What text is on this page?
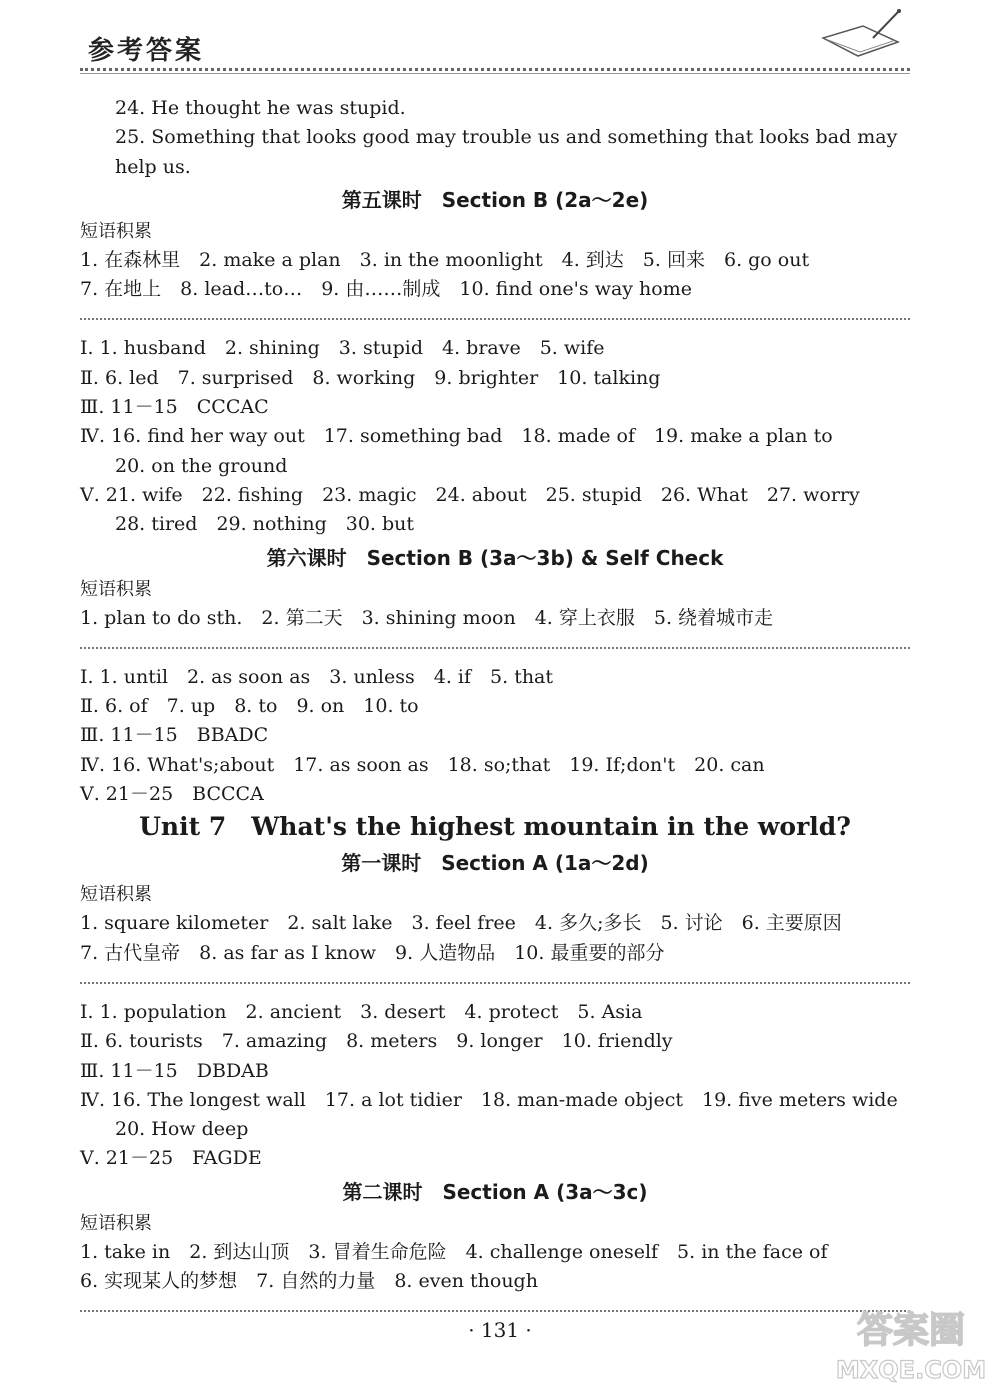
参考答案
24. He thought he was stupid.
25. Something that looks good may trouble us and something that looks bad may
help us.
第五课时　Section B (2a～2e)
短语积累
1. 在森林里　2. make a plan　3. in the moonlight　4. 到达　5. 回来　6. go out
7. 在地上　8. lead…to…　9. 由……制成　10. find one's way home
Ⅰ. 1. husband　2. shining　3. stupid　4. brave　5. wife
Ⅱ. 6. led　7. surprised　8. working　9. brighter　10. talking
Ⅲ. 11－15　CCCAC
Ⅳ. 16. find her way out　17. something bad　18. made of　19. make a plan to
20. on the ground
Ⅴ. 21. wife　22. fishing　23. magic　24. about　25. stupid　26. What　27. worry
28. tired　29. nothing　30. but
第六课时　Section B (3a～3b) & Self Check
短语积累
1. plan to do sth.　2. 第二天　3. shining moon　4. 穿上衣服　5. 绕着城市走
Ⅰ. 1. until　2. as soon as　3. unless　4. if　5. that
Ⅱ. 6. of　7. up　8. to　9. on　10. to
Ⅲ. 11－15　BBADC
Ⅳ. 16. What's;about　17. as soon as　18. so;that　19. If;don't　20. can
Ⅴ. 21－25　BCCCA
Unit 7　What's the highest mountain in the world?
第一课时　Section A (1a～2d)
短语积累
1. square kilometer　2. salt lake　3. feel free　4. 多久;多长　5. 讨论　6. 主要原因
7. 古代皇帝　8. as far as I know　9. 人造物品　10. 最重要的部分
Ⅰ. 1. population　2. ancient　3. desert　4. protect　5. Asia
Ⅱ. 6. tourists　7. amazing　8. meters　9. longer　10. friendly
Ⅲ. 11－15　DBDAB
Ⅳ. 16. The longest wall　17. a lot tidier　18. man-made object　19. five meters wide
20. How deep
Ⅴ. 21－25　FAGDE
第二课时　Section A (3a～3c)
短语积累
1. take in　2. 到达山顶　3. 冒着生命危险　4. challenge oneself　5. in the face of
6. 实现某人的梦想　7. 自然的力量　8. even though
· 131 ·	答案圈
MXQE.COM
